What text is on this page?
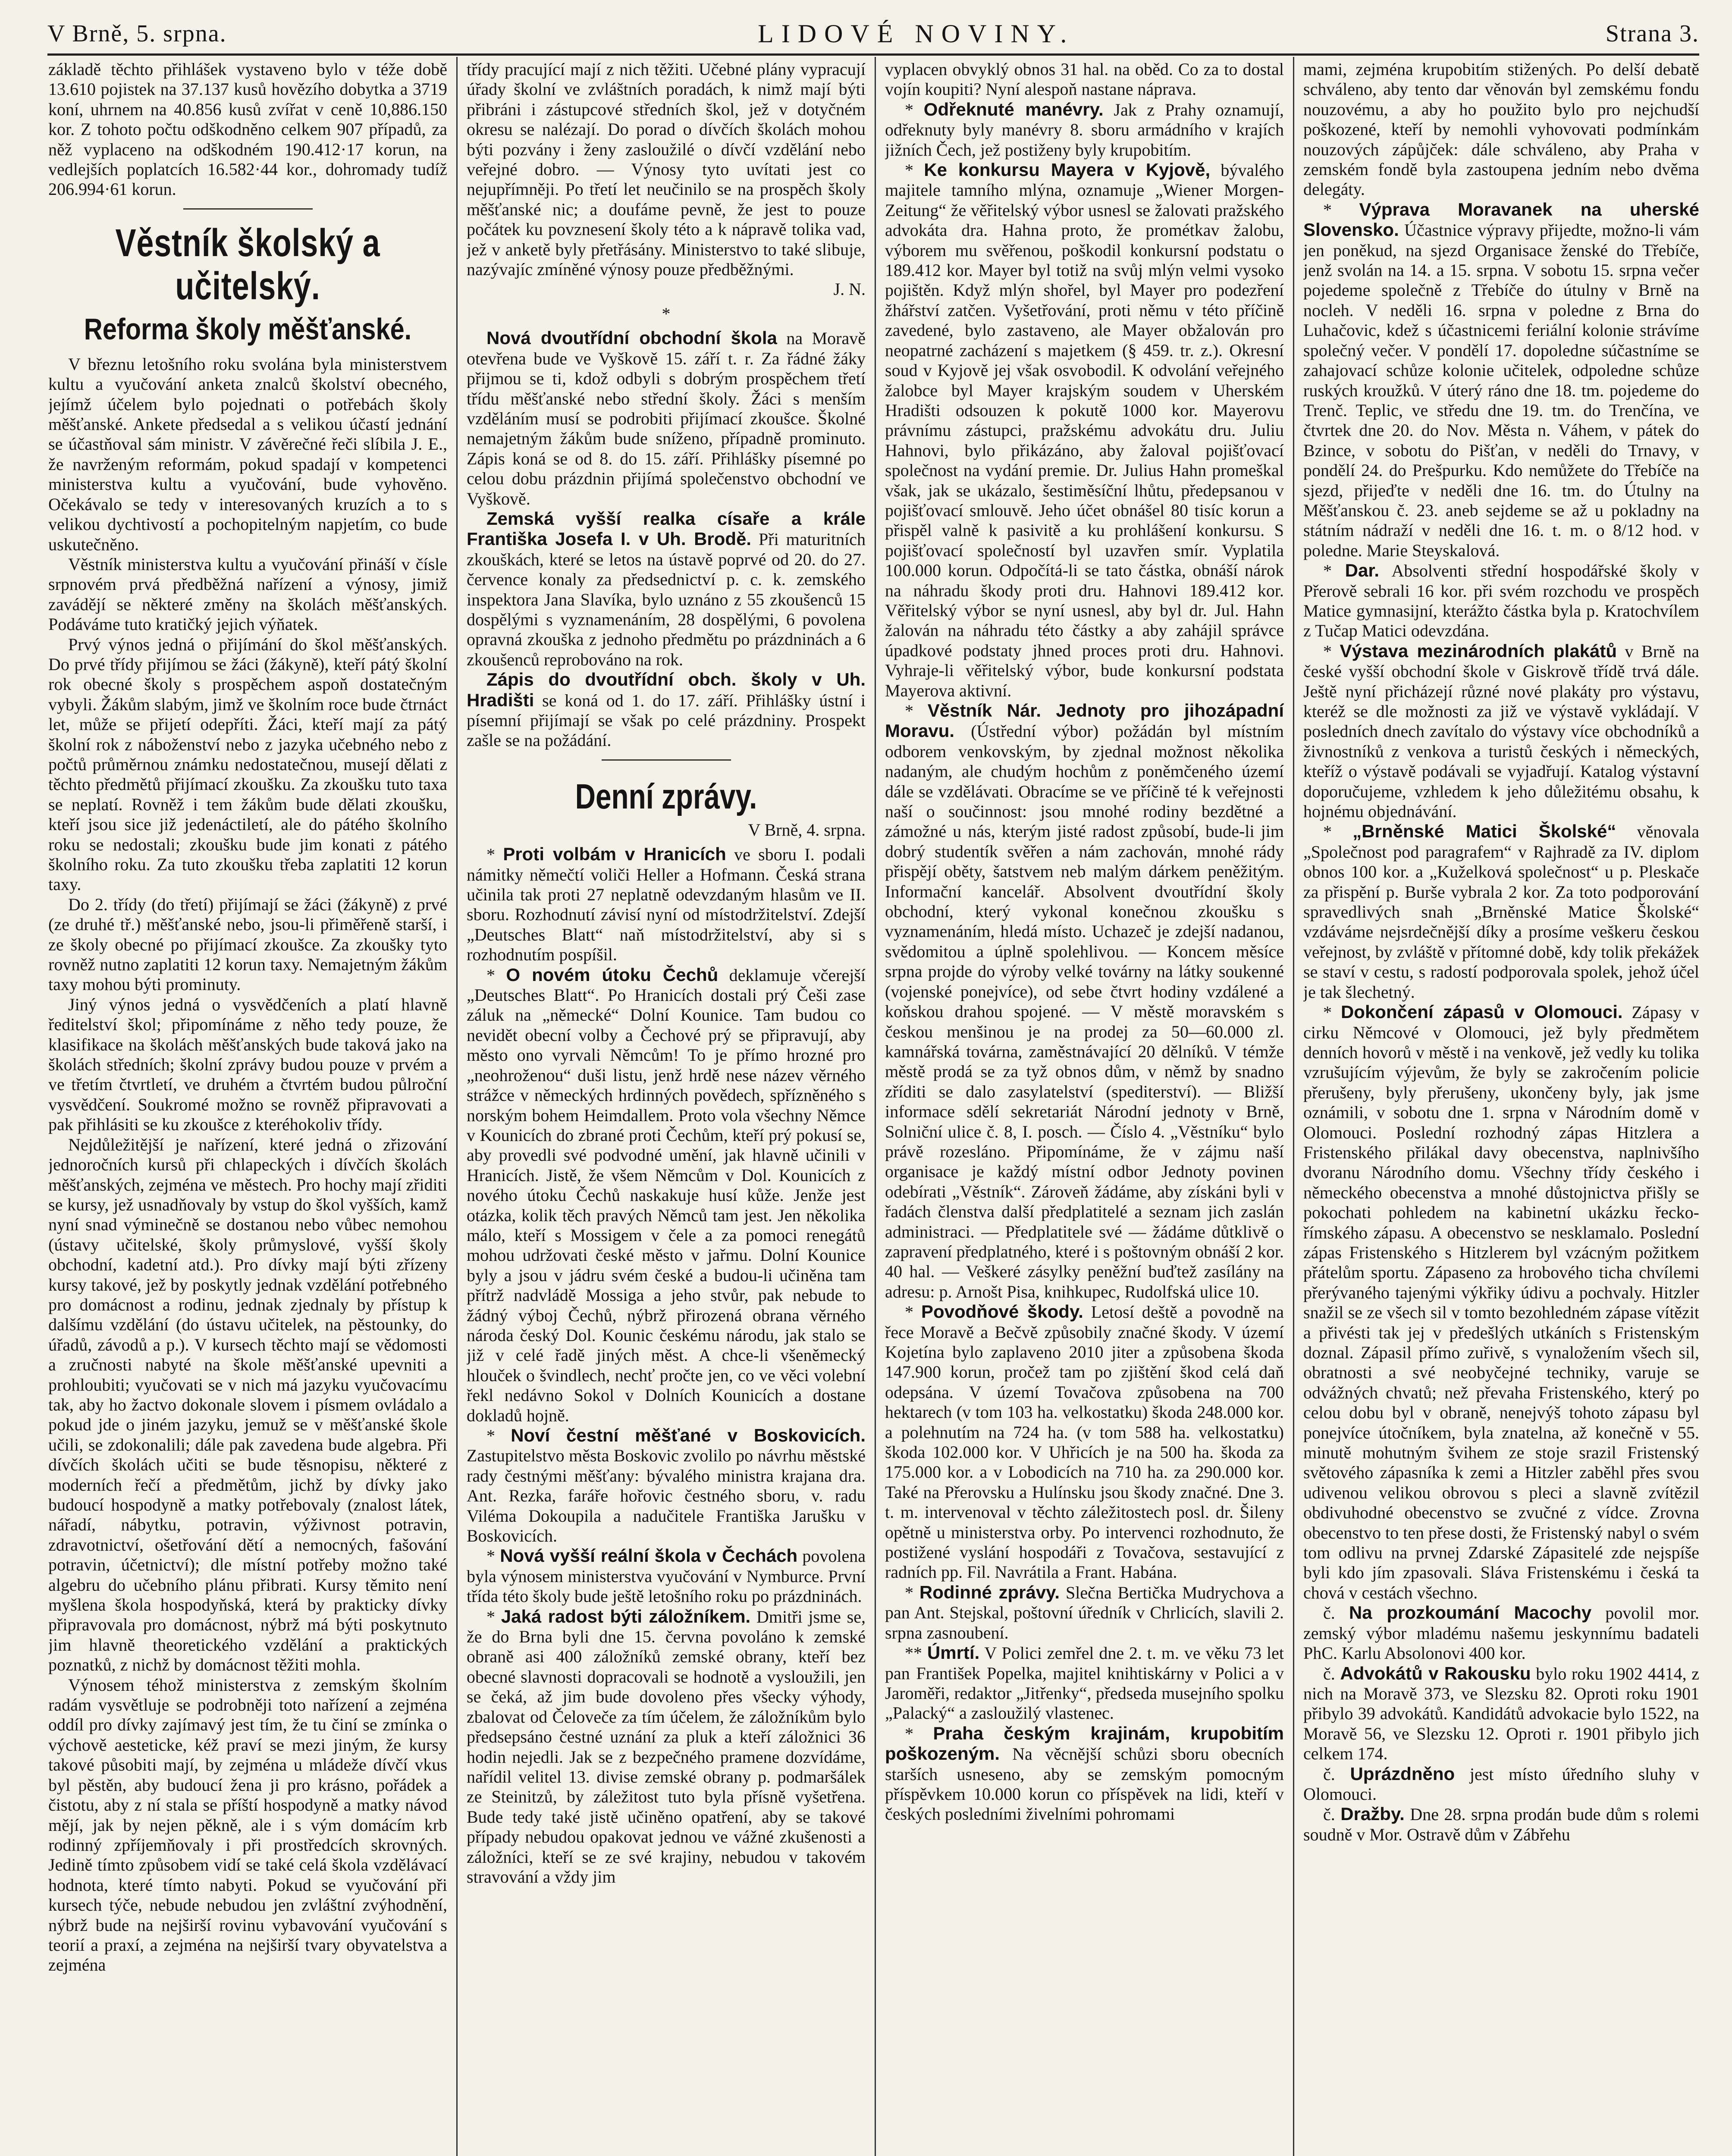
V Brně, 5. srpna.	LIDOVÉ NOVINY.	Strana 3.

základě těchto přihlášek vystaveno bylo v téže době 13.610 pojistek na 37.137 kusů hovězího dobytka a 3719 koní, uhrnem na 40.856 kusů zvířat v ceně 10,886.150 kor. Z tohoto počtu odškodněno celkem 907 případů, za něž vyplaceno na odškodném 190.412·17 korun, na vedlejších poplatcích 16.582·44 kor., dohromady tudíž 206.994·61 korun.

Věstník školský a učitelský.
Reforma školy měšťanské.

V březnu letošního roku svolána byla ministerstvem kultu a vyučování anketa znalců školství obecného, jejímž účelem bylo pojednati o potřebách školy měšťanské. Ankete předsedal a s velikou účastí jednání se účastňoval sám ministr. V závěrečné řeči slíbila J. E., že navrženým reformám, pokud spadají v kompetenci ministerstva kultu a vyučování, bude vyhověno. Očekávalo se tedy v interesovaných kruzích a to s velikou dychtivostí a pochopitelným napjetím, co bude uskutečněno.

Věstník ministerstva kultu a vyučování přináší v čísle srpnovém prvá předběžná nařízení a výnosy, jimiž zavádějí se některé změny na školách měšťanských. Podáváme tuto kratičký jejich výňatek.

Prvý výnos jedná o přijímání do škol měšťanských. Do prvé třídy přijímou se žáci (žákyně), kteří pátý školní rok obecné školy s prospěchem aspoň dostatečným vybyli. Žákům slabým, jimž ve školním roce bude čtrnáct let, může se přijetí odepříti. Žáci, kteří mají za pátý školní rok z náboženství nebo z jazyka učebného nebo z počtů průměrnou známku nedostatečnou, musejí dělati z těchto předmětů přijímací zkoušku. Za zkoušku tuto taxa se neplatí. Rovněž i tem žákům bude dělati zkoušku, kteří jsou sice již jedenáctiletí, ale do pátého školního roku se nedostali; zkoušku bude jim konati z pátého školního roku. Za tuto zkoušku třeba zaplatiti 12 korun taxy.

Do 2. třídy (do třetí) přijímají se žáci (žákyně) z prvé (ze druhé tř.) měšťanské nebo, jsou-li přiměřeně starší, i ze školy obecné po přijímací zkoušce. Za zkoušky tyto rovněž nutno zaplatiti 12 korun taxy. Nemajetným žákům taxy mohou býti prominuty.

Jiný výnos jedná o vysvědčeních a platí hlavně ředitelství škol; připomínáme z něho tedy pouze, že klasifikace na školách měšťanských bude taková jako na školách středních; školní zprávy budou pouze v prvém a ve třetím čtvrtletí, ve druhém a čtvrtém budou půlroční vysvědčení. Soukromé možno se rovněž připravovati a pak přihlásiti se ku zkoušce z kteréhokoliv třídy.

Nejdůležitější je nařízení, které jedná o zřizování jednoročních kursů při chlapeckých i dívčích školách měšťanských, zejména ve městech. Pro hochy mají zřiditi se kursy, jež usnadňovaly by vstup do škol vyšších, kamž nyní snad výminečně se dostanou nebo vůbec nemohou (ústavy učitelské, školy průmyslové, vyšší školy obchodní, kadetní atd.). Pro dívky mají býti zřízeny kursy takové, jež by poskytly jednak vzdělání potřebného pro domácnost a rodinu, jednak zjednaly by přístup k dalšímu vzdělání (do ústavu učitelek, na pěstounky, do úřadů, závodů a p.). V kursech těchto mají se vědomosti a zručnosti nabyté na škole měšťanské upevniti a prohloubiti; vyučovati se v nich má jazyku vyučovacímu tak, aby ho žactvo dokonale slovem i písmem ovládalo a pokud jde o jiném jazyku, jemuž se v měšťanské škole učili, se zdokonalili; dále pak zavedena bude algebra. Při dívčích školách učiti se bude těsnopisu, některé z moderních řečí a předmětům, jichž by dívky jako budoucí hospodyně a matky potřebovaly (znalost látek, nářadí, nábytku, potravin, výživnost potravin, zdravotnictví, ošetřování dětí a nemocných, fašování potravin, účetnictví); dle místní potřeby možno také algebru do učebního plánu přibrati. Kursy těmito není myšlena škola hospodyňská, která by prakticky dívky připravovala pro domácnost, nýbrž má býti poskytnuto jim hlavně theoretického vzdělání a praktických poznatků, z nichž by domácnost těžiti mohla.

Výnosem téhož ministerstva z zemským školním radám vysvětluje se podrobněji toto nařízení a zejména oddíl pro dívky zajímavý jest tím, že tu činí se zmínka o výchově aesteticke, kéž praví se mezi jiným, že kursy takové působiti mají, by zejména u mládeže dívčí vkus byl pěstěn, aby budoucí žena ji pro krásno, pořádek a čistotu, aby z ní stala se příští hospodyně a matky návod mějí, jak by nejen pěkně, ale i s vým domácím krb rodinný zpříjemňovaly i při prostředcích skrovných. Jedině tímto způsobem vidí se také celá škola vzdělávací hodnota, které tímto nabyti. Pokud se vyučování při kursech týče, nebude nebudou jen zvláštní zvýhodnění, nýbrž bude na nejširší rovinu vybavování vyučování s teorií a praxí, a zejména na nejširší tvary obyvatelstva a zejména

třídy pracující mají z nich těžiti. Učebné plány vypracují úřady školní ve zvláštních poradách, k nimž mají býti přibráni i zástupcové středních škol, jež v dotyčném okresu se nalézají. Do porad o dívčích školách mohou býti pozvány i ženy zasloužilé o dívčí vzdělání nebo veřejné dobro. — Výnosy tyto uvítati jest co nejupřímněji. Po třetí let neučinilo se na prospěch školy měšťanské nic; a doufáme pevně, že jest to pouze počátek ku povznesení školy této a k nápravě tolika vad, jež v anketě byly přetřásány. Ministerstvo to také slibuje, nazývajíc zmíněné výnosy pouze předběžnými.

J. N.

*

Nová dvoutřídní obchodní škola na Moravě otevřena bude ve Vyškově 15. září t. r. Za řádné žáky přijmou se ti, kdož odbyli s dobrým prospěchem třetí třídu měšťanské nebo střední školy. Žáci s menším vzděláním musí se podrobiti přijímací zkoušce. Školné nemajetným žákům bude sníženo, případně prominuto. Zápis koná se od 8. do 15. září. Přihlášky písemné po celou dobu prázdnin přijímá společenstvo obchodní ve Vyškově.

Zemská vyšší realka císaře a krále Františka Josefa I. v Uh. Brodě. Při maturitních zkouškách, které se letos na ústavě poprvé od 20. do 27. července konaly za předsednictví p. c. k. zemského inspektora Jana Slavíka, bylo uznáno z 55 zkoušenců 15 dospělými s vyznamenáním, 28 dospělými, 6 povolena opravná zkouška z jednoho předmětu po prázdninách a 6 zkoušenců reprobováno na rok.

Zápis do dvoutřídní obch. školy v Uh. Hradišti se koná od 1. do 17. září. Přihlášky ústní i písemní přijímají se však po celé prázdniny. Prospekt zašle se na požádání.

Denní zprávy.
V Brně, 4. srpna.

* Proti volbám v Hranicích ve sboru I. podali námitky němečtí voliči Heller a Hofmann. Česká strana učinila tak proti 27 neplatně odevzdaným hlasům ve II. sboru. Rozhodnutí závisí nyní od místodržitelství. Zdejší „Deutsches Blatt“ naň místodržitelství, aby si s rozhodnutím pospíšil.

* O novém útoku Čechů deklamuje včerejší „Deutsches Blatt“. Po Hranicích dostali prý Češi zase záluk na „německé“ Dolní Kounice. Tam budou co nevidět obecní volby a Čechové prý se připravují, aby město ono vyrvali Němcům! To je přímo hrozné pro „neohroženou“ duši listu, jenž hrdě nese název věrného strážce v německých hrdinných povědech, spřízněného s norským bohem Heimdallem. Proto vola všechny Němce v Kounicích do zbrané proti Čechům, kteří prý pokusí se, aby provedli své podvodné umění, jak hlavně učinili v Hranicích. Jistě, že všem Němcům v Dol. Kounicích z nového útoku Čechů naskakuje husí kůže. Jenže jest otázka, kolik těch pravých Němců tam jest. Jen několika málo, kteří s Mossigem v čele a za pomoci renegátů mohou udržovati české město v jařmu. Dolní Kounice byly a jsou v jádru svém české a budou-li učiněna tam přítrž nadvládě Mossiga a jeho stvůr, pak nebude to žádný výboj Čechů, nýbrž přirozená obrana věrného národa český Dol. Kounic českému národu, jak stalo se již v celé řadě jiných měst. A chce-li všeněmecký hlouček o švindlech, nechť pročte jen, co ve věci volební řekl nedávno Sokol v Dolních Kounicích a dostane dokladů hojně.

* Noví čestní měšťané v Boskovicích. Zastupitelstvo města Boskovic zvolilo po návrhu městské rady čestnými měšťany: bývalého ministra krajana dra. Ant. Rezka, faráře hořovic čestného sboru, v. radu Viléma Dokoupila a nadučitele Františka Jarušku v Boskovicích.

* Nová vyšší reální škola v Čechách povolena byla výnosem ministerstva vyučování v Nymburce. První třída této školy bude ještě letošního roku po prázdninách.

* Jaká radost býti záložníkem. Dmitři jsme se, že do Brna byli dne 15. června povoláno k zemské obraně asi 400 záložníků zemské obrany, kteří bez obecné slavnosti dopracovali se hodnotě a vysloužili, jen se čeká, až jim bude dovoleno přes všecky výhody, zbalovat od Čeloveče za tím účelem, že záložníkům bylo předsepsáno čestné uznání za pluk a kteří záložnici 36 hodin nejedli. Jak se z bezpečného pramene dozvídáme, nařídil velitel 13. divise zemské obrany p. podmaršálek ze Steinitzů, by záležitost tuto byla přísně vyšetřena. Bude tedy také jistě učiněno opatření, aby se takové případy nebudou opakovat jednou ve vážné zkušenosti a záložníci, kteří se ze své krajiny, nebudou v takovém stravování a vždy jim

vyplacen obvyklý obnos 31 hal. na oběd. Co za to dostal vojín koupiti? Nyní alespoň nastane náprava.

* Odřeknuté manévry. Jak z Prahy oznamují, odřeknuty byly manévry 8. sboru armádního v krajích jižních Čech, jež postiženy byly krupobitím.

* Ke konkursu Mayera v Kyjově, bývalého majitele tamního mlýna, oznamuje „Wiener Morgen-Zeitung“ že věřitelský výbor usnesl se žalovati pražského advokáta dra. Hahna proto, že prométkav žalobu, výborem mu svěřenou, poškodil konkursní podstatu o 189.412 kor. Mayer byl totiž na svůj mlýn velmi vysoko pojištěn. Když mlýn shořel, byl Mayer pro podezření žhářství zatčen. Vyšetřování, proti němu v této příčině zavedené, bylo zastaveno, ale Mayer obžalován pro neopatrné zacházení s majetkem (§ 459. tr. z.). Okresní soud v Kyjově jej však osvobodil. K odvolání veřejného žalobce byl Mayer krajským soudem v Uherském Hradišti odsouzen k pokutě 1000 kor. Mayerovu právnímu zástupci, pražskému advokátu dru. Juliu Hahnovi, bylo přikázáno, aby žaloval pojišťovací společnost na vydání premie. Dr. Julius Hahn promeškal však, jak se ukázalo, šestiměsíční lhůtu, předepsanou v pojišťovací smlouvě. Jeho účet obnášel 80 tisíc korun a přispěl valně k pasivitě a ku prohlášení konkursu. S pojišťovací společností byl uzavřen smír. Vyplatila 100.000 korun. Odpočítá-li se tato částka, obnáší nárok na náhradu škody proti dru. Hahnovi 189.412 kor. Věřitelský výbor se nyní usnesl, aby byl dr. Jul. Hahn žalován na náhradu této částky a aby zahájil správce úpadkové podstaty jhned proces proti dru. Hahnovi. Vyhraje-li věřitelský výbor, bude konkursní podstata Mayerova aktivní.

* Věstník Nár. Jednoty pro jihozápadní Moravu. (Ústřední výbor) požádán byl místním odborem venkovským, by zjednal možnost několika nadaným, ale chudým hochům z poněmčeného území dále se vzdělávati. Obracíme se ve příčině té k veřejnosti naší o součinnost: jsou mnohé rodiny bezdětné a zámožné u nás, kterým jisté radost způsobí, bude-li jim dobrý studentík svěřen a nám zachován, mnohé rády přispějí oběty, šatstvem neb malým dárkem peněžitým. Informační kancelář. Absolvent dvoutřídní školy obchodní, který vykonal konečnou zkoušku s vyznamenáním, hledá místo. Uchazeč je zdejší nadanou, svědomitou a úplně spolehlivou. — Koncem měsíce srpna projde do výroby velké továrny na látky soukenné (vojenské ponejvíce), od sebe čtvrt hodiny vzdálené a koňskou drahou spojené. — V městě moravském s českou menšinou je na prodej za 50—60.000 zl. kamnářská továrna, zaměstnávající 20 dělníků. V témže městě prodá se za tyž obnos dům, v němž by snadno zříditi se dalo zasylatelství (spediterství). — Bližší informace sdělí sekretariát Národní jednoty v Brně, Solniční ulice č. 8, I. posch. — Číslo 4. „Věstníku“ bylo právě rozesláno. Připomínáme, že v zájmu naší organisace je každý místní odbor Jednoty povinen odebírati „Věstník“. Zároveň žádáme, aby získáni byli v řadách členstva další předplatitelé a seznam jich zaslán administraci. — Předplatitele své — žádáme důtklivě o zapravení předplatného, které i s poštovným obnáší 2 kor. 40 hal. — Veškeré zásylky peněžní buďtež zasílány na adresu: p. Arnošt Pisa, knihkupec, Rudolfská ulice 10.

* Povodňové škody. Letosí deště a povodně na řece Moravě a Bečvě způsobily značné škody. V území Kojetína bylo zaplaveno 2010 jiter a způsobena škoda 147.900 korun, pročež tam po zjištění škod celá daň odepsána. V území Tovačova způsobena na 700 hektarech (v tom 103 ha. velkostatku) škoda 248.000 kor. a polehnutím na 724 ha. (v tom 588 ha. velkostatku) škoda 102.000 kor. V Uhřicích je na 500 ha. škoda za 175.000 kor. a v Lobodicích na 710 ha. za 290.000 kor. Také na Přerovsku a Hulínsku jsou škody značné. Dne 3. t. m. intervenoval v těchto záležitostech posl. dr. Šileny opětně u ministerstva orby. Po intervenci rozhodnuto, že postižené vyslání hospodáři z Tovačova, sestavující z radních pp. Fil. Navrátila a Frant. Habána.

* Rodinné zprávy. Slečna Bertička Mudrychova a pan Ant. Stejskal, poštovní úředník v Chrlicích, slavili 2. srpna zasnoubení.

** Úmrtí. V Polici zemřel dne 2. t. m. ve věku 73 let pan František Popelka, majitel knihtiskárny v Polici a v Jaroměři, redaktor „Jitřenky“, předseda musejního spolku „Palacký“ a zasloužilý vlastenec.

* Praha českým krajinám, krupobitím poškozeným. Na věcnější schůzi sboru obecních starších usneseno, aby se zemským pomocným příspěvkem 10.000 korun co příspěvek na lidi, kteří v českých posledními živelními pohromami

mami, zejména krupobitím stižených. Po delší debatě schváleno, aby tento dar věnován byl zemskému fondu nouzovému, a aby ho použito bylo pro nejchudší poškozené, kteří by nemohli vyhovovati podmínkám nouzových zápůjček: dále schváleno, aby Praha v zemském fondě byla zastoupena jedním nebo dvěma delegáty.

* Výprava Moravanek na uherské Slovensko. Účastnice výpravy přijedte, možno-li vám jen poněkud, na sjezd Organisace ženské do Třebíče, jenž svolán na 14. a 15. srpna. V sobotu 15. srpna večer pojedeme společně z Třebíče do útulny v Brně na nocleh. V neděli 16. srpna v poledne z Brna do Luhačovic, kdež s účastnicemi feriální kolonie strávíme společný večer. V pondělí 17. dopoledne súčastníme se zahajovací schůze kolonie učitelek, odpoledne schůze ruských kroužků. V úterý ráno dne 18. tm. pojedeme do Trenč. Teplic, ve středu dne 19. tm. do Trenčína, ve čtvrtek dne 20. do Nov. Města n. Váhem, v pátek do Bzince, v sobotu do Pišťan, v neděli do Trnavy, v pondělí 24. do Prešpurku. Kdo nemůžete do Třebíče na sjezd, přijeďte v neděli dne 16. tm. do Útulny na Měšťanskou č. 23. aneb sejdeme se až u pokladny na státním nádraží v neděli dne 16. t. m. o 8/12 hod. v poledne. Marie Steyskalová.

* Dar. Absolventi střední hospodářské školy v Přerově sebrali 16 kor. při svém rozchodu ve prospěch Matice gymnasijní, kterážto částka byla p. Kratochvílem z Tučap Matici odevzdána.

* Výstava mezinárodních plakátů v Brně na české vyšší obchodní škole v Giskrově třídě trvá dále. Ještě nyní přicházejí různé nové plakáty pro výstavu, kteréž se dle možnosti za již ve výstavě vykládají. V posledních dnech zavítalo do výstavy více obchodníků a živnostníků z venkova a turistů českých i německých, kteříž o výstavě podávali se vyjadřují. Katalog výstavní doporučujeme, vzhledem k jeho důležitému obsahu, k hojnému objednávání.

* „Brněnské Matici Školské“ věnovala „Společnost pod paragrafem“ v Rajhradě za IV. diplom obnos 100 kor. a „Kuželková společnost“ u p. Pleskače za přispění p. Burše vybrala 2 kor. Za toto podporování spravedlivých snah „Brněnské Matice Školské“ vzdáváme nejsrdečnější díky a prosíme veškeru českou veřejnost, by zvláště v přítomné době, kdy tolik překážek se staví v cestu, s radostí podporovala spolek, jehož účel je tak šlechetný.

* Dokončení zápasů v Olomouci. Zápasy v cirku Němcové v Olomouci, jež byly předmětem denních hovorů v městě i na venkově, jež vedly ku tolika vzrušujícím výjevům, že byly se zakročením policie přerušeny, byly přerušeny, ukončeny byly, jak jsme oznámili, v sobotu dne 1. srpna v Národním domě v Olomouci. Poslední rozhodný zápas Hitzlera a Fristenského přilákal davy obecenstva, naplnivšího dvoranu Národního domu. Všechny třídy českého i německého obecenstva a mnohé důstojnictva přišly se pokochati pohledem na kabinetní ukázku řecko-římského zápasu. A obecenstvo se nesklamalo. Poslední zápas Fristenského s Hitzlerem byl vzácným požitkem přátelům sportu. Zápaseno za hrobového ticha chvílemi přerývaného tajenými výkřiky údivu a pochvaly. Hitzler snažil se ze všech sil v tomto bezohledném zápase vítězit a přivésti tak jej v předešlých utkáních s Fristenským doznal. Zápasil přímo zuřivě, s vynaložením všech sil, obratnosti a své neobyčejné techniky, varuje se odvážných chvatů; než převaha Fristenského, který po celou dobu byl v obraně, nenejvýš tohoto zápasu byl ponejvíce útočníkem, byla znatelna, až konečně v 55. minutě mohutným švihem ze stoje srazil Fristenský světového zápasníka k zemi a Hitzler zaběhl přes svou udivenou velikou obrovou s pleci a slavně zvítězil obdivuhodné obecenstvo se zvučné z vídce. Zrovna obecenstvo to ten přese dosti, že Fristenský nabyl o svém tom odlivu na prvnej Zdarské Zápasitelé zde nejspíše byli kdo jím zpasovali. Sláva Fristenskému i česká ta chová v cestách všechno.

č. Na prozkoumání Macochy povolil mor. zemský výbor mladému našemu jeskynnímu badateli PhC. Karlu Absolonovi 400 kor.

č. Advokátů v Rakousku bylo roku 1902 4414, z nich na Moravě 373, ve Slezsku 82. Oproti roku 1901 přibylo 39 advokátů. Kandidátů advokacie bylo 1522, na Moravě 56, ve Slezsku 12. Oproti r. 1901 přibylo jich celkem 174.

č. Uprázdněno jest místo úředního sluhy v Olomouci.

č. Dražby. Dne 28. srpna prodán bude dům s rolemi soudně v Mor. Ostravě dům v Zábřehu
